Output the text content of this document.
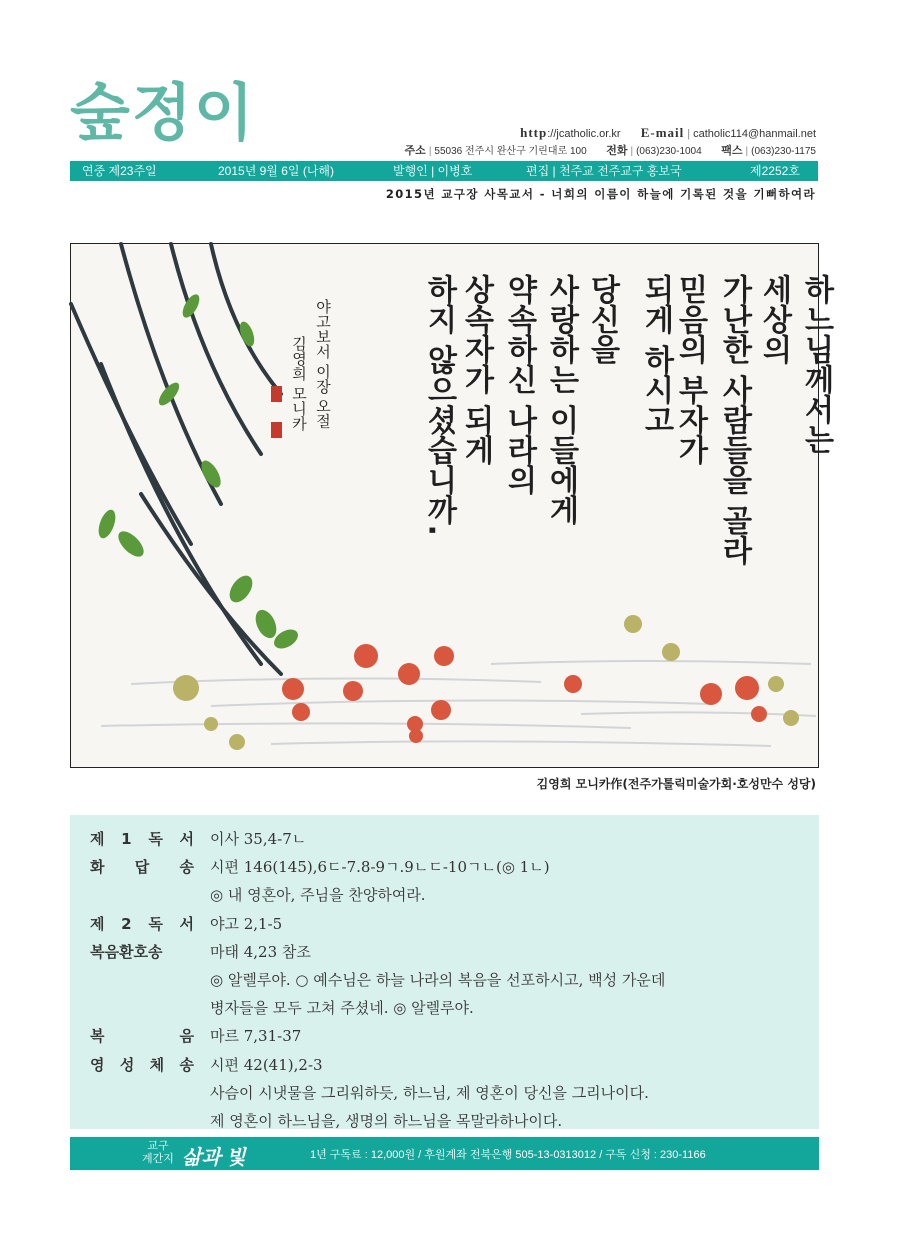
숲정이	http://jcatholic.or.kr E-mail | catholic114@hanmail.net
주소 | 55036 전주시 완산구 기린대로 100 전화 | (063)230-1004 팩스 | (063)230-1175
연중 제23주일	2015년 9월 6일 (나해)	발행인 | 이병호	편집 | 천주교 전주교구 홍보국	제2252호
2015년 교구장 사목교서 - 너희의 이름이 하늘에 기록된 것을 기뻐하여라
하느님께서는
세상의
가난한 사람들을 골라
믿음의 부자가
되게 하시고
당신을
사랑하는 이들에게
약속하신 나라의
상속자가 되게
하지 않으셨습니까.
야고보서 이장 오절
김영희 모니카
김영희 모니카作(전주가톨릭미술가회·호성만수 성당)
제 1 독 서 이사 35,4-7ㄴ
화 답 송 시편 146(145),6ㄷ-7.8-9ㄱ.9ㄴㄷ-10ㄱㄴ(◎ 1ㄴ)
◎ 내 영혼아, 주님을 찬양하여라.
제 2 독 서 야고 2,1-5
복음환호송	마태 4,23 참조
◎ 알렐루야. ○ 예수님은 하늘 나라의 복음을 선포하시고, 백성 가운데
병자들을 모두 고쳐 주셨네. ◎ 알렐루야.
복 음 마르 7,31-37
영 성 체 송 시편 42(41),2-3
사슴이 시냇물을 그리워하듯, 하느님, 제 영혼이 당신을 그리나이다.
제 영혼이 하느님을, 생명의 하느님을 목말라하나이다.
교구
계간지 삶과 빛	1년 구독료 : 12,000원 / 후원계좌 전북은행 505-13-0313012 / 구독 신청 : 230-1166
